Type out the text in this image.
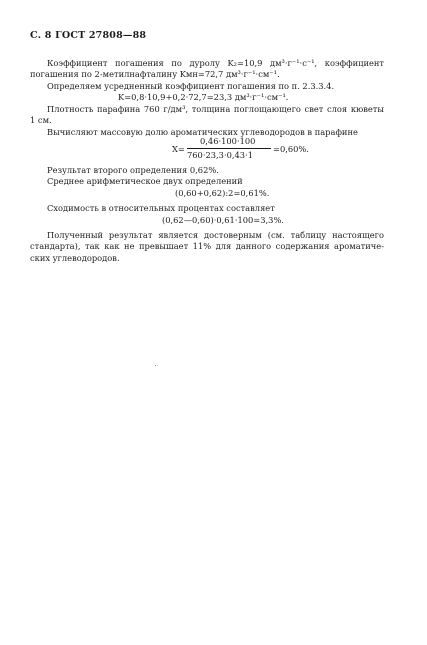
С. 8 ГОСТ 27808—88
Коэффициент погашения по дуролу K₂=10,9 дм³·г⁻¹·с⁻¹, коэффициент
погашения по 2-метилнафталину Kмн=72,7 дм³·г⁻¹·см⁻¹.
Определяем усредненный коэффициент погашения по п. 2.3.3.4.
K=0,8·10,9+0,2·72,7=23,3 дм³·г⁻¹·см⁻¹.
Плотность парафина 760 г/дм³, толщина поглощающего свет слоя кюветы
1 см.
Вычисляют массовую долю ароматических углеводородов в парафине
X=
0,46·100·100
760·23,3·0,43·1
=0,60%.
Результат второго определения 0,62%.
Среднее арифметическое двух определений
(0,60+0,62):2=0,61%.
Сходимость в относительных процентах составляет
(0,62—0,60)·0,61·100=3,3%.
Полученный результат является достоверным (см. таблицу настоящего
стандарта), так как не превышает 11% для данного содержания ароматиче-
ских углеводородов.
